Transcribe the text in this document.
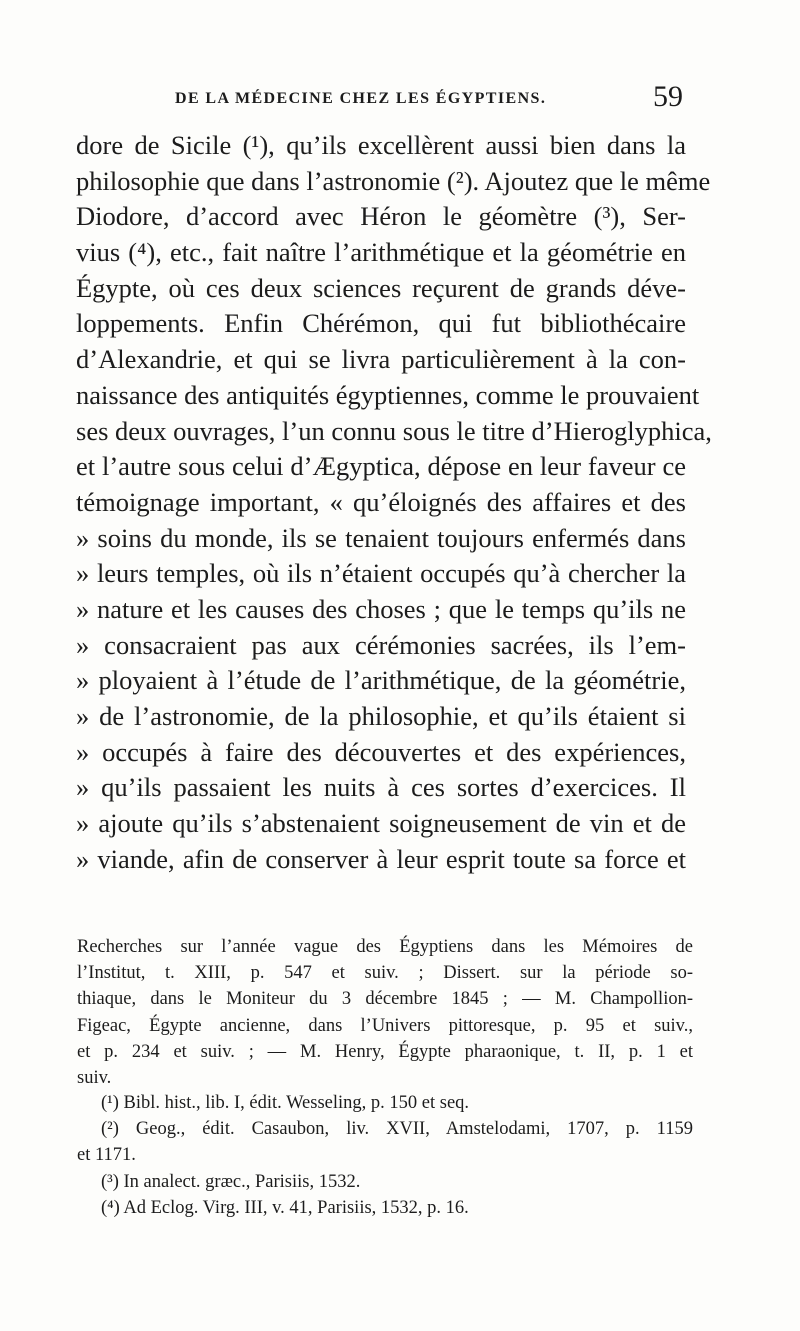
DE LA MÉDECINE CHEZ LES ÉGYPTIENS.	59
dore de Sicile (¹), qu’ils excellèrent aussi bien dans la
philosophie que dans l’astronomie (²). Ajoutez que le même
Diodore, d’accord avec Héron le géomètre (³), Ser-
vius (⁴), etc., fait naître l’arithmétique et la géométrie en
Égypte, où ces deux sciences reçurent de grands déve-
loppements. Enfin Chérémon, qui fut bibliothécaire
d’Alexandrie, et qui se livra particulièrement à la con-
naissance des antiquités égyptiennes, comme le prouvaient
ses deux ouvrages, l’un connu sous le titre d’Hieroglyphica,
et l’autre sous celui d’Ægyptica, dépose en leur faveur ce
témoignage important, « qu’éloignés des affaires et des
» soins du monde, ils se tenaient toujours enfermés dans
» leurs temples, où ils n’étaient occupés qu’à chercher la
» nature et les causes des choses ; que le temps qu’ils ne
» consacraient pas aux cérémonies sacrées, ils l’em-
» ployaient à l’étude de l’arithmétique, de la géométrie,
» de l’astronomie, de la philosophie, et qu’ils étaient si
» occupés à faire des découvertes et des expériences,
» qu’ils passaient les nuits à ces sortes d’exercices. Il
» ajoute qu’ils s’abstenaient soigneusement de vin et de
» viande, afin de conserver à leur esprit toute sa force et
Recherches sur l’année vague des Égyptiens dans les Mémoires de
l’Institut, t. XIII, p. 547 et suiv. ; Dissert. sur la période so-
thiaque, dans le Moniteur du 3 décembre 1845 ; — M. Champollion-
Figeac, Égypte ancienne, dans l’Univers pittoresque, p. 95 et suiv.,
et p. 234 et suiv. ; — M. Henry, Égypte pharaonique, t. II, p. 1 et
suiv.
(¹) Bibl. hist., lib. I, édit. Wesseling, p. 150 et seq.
(²) Geog., édit. Casaubon, liv. XVII, Amstelodami, 1707, p. 1159
et 1171.
(³) In analect. græc., Parisiis, 1532.
(⁴) Ad Eclog. Virg. III, v. 41, Parisiis, 1532, p. 16.
